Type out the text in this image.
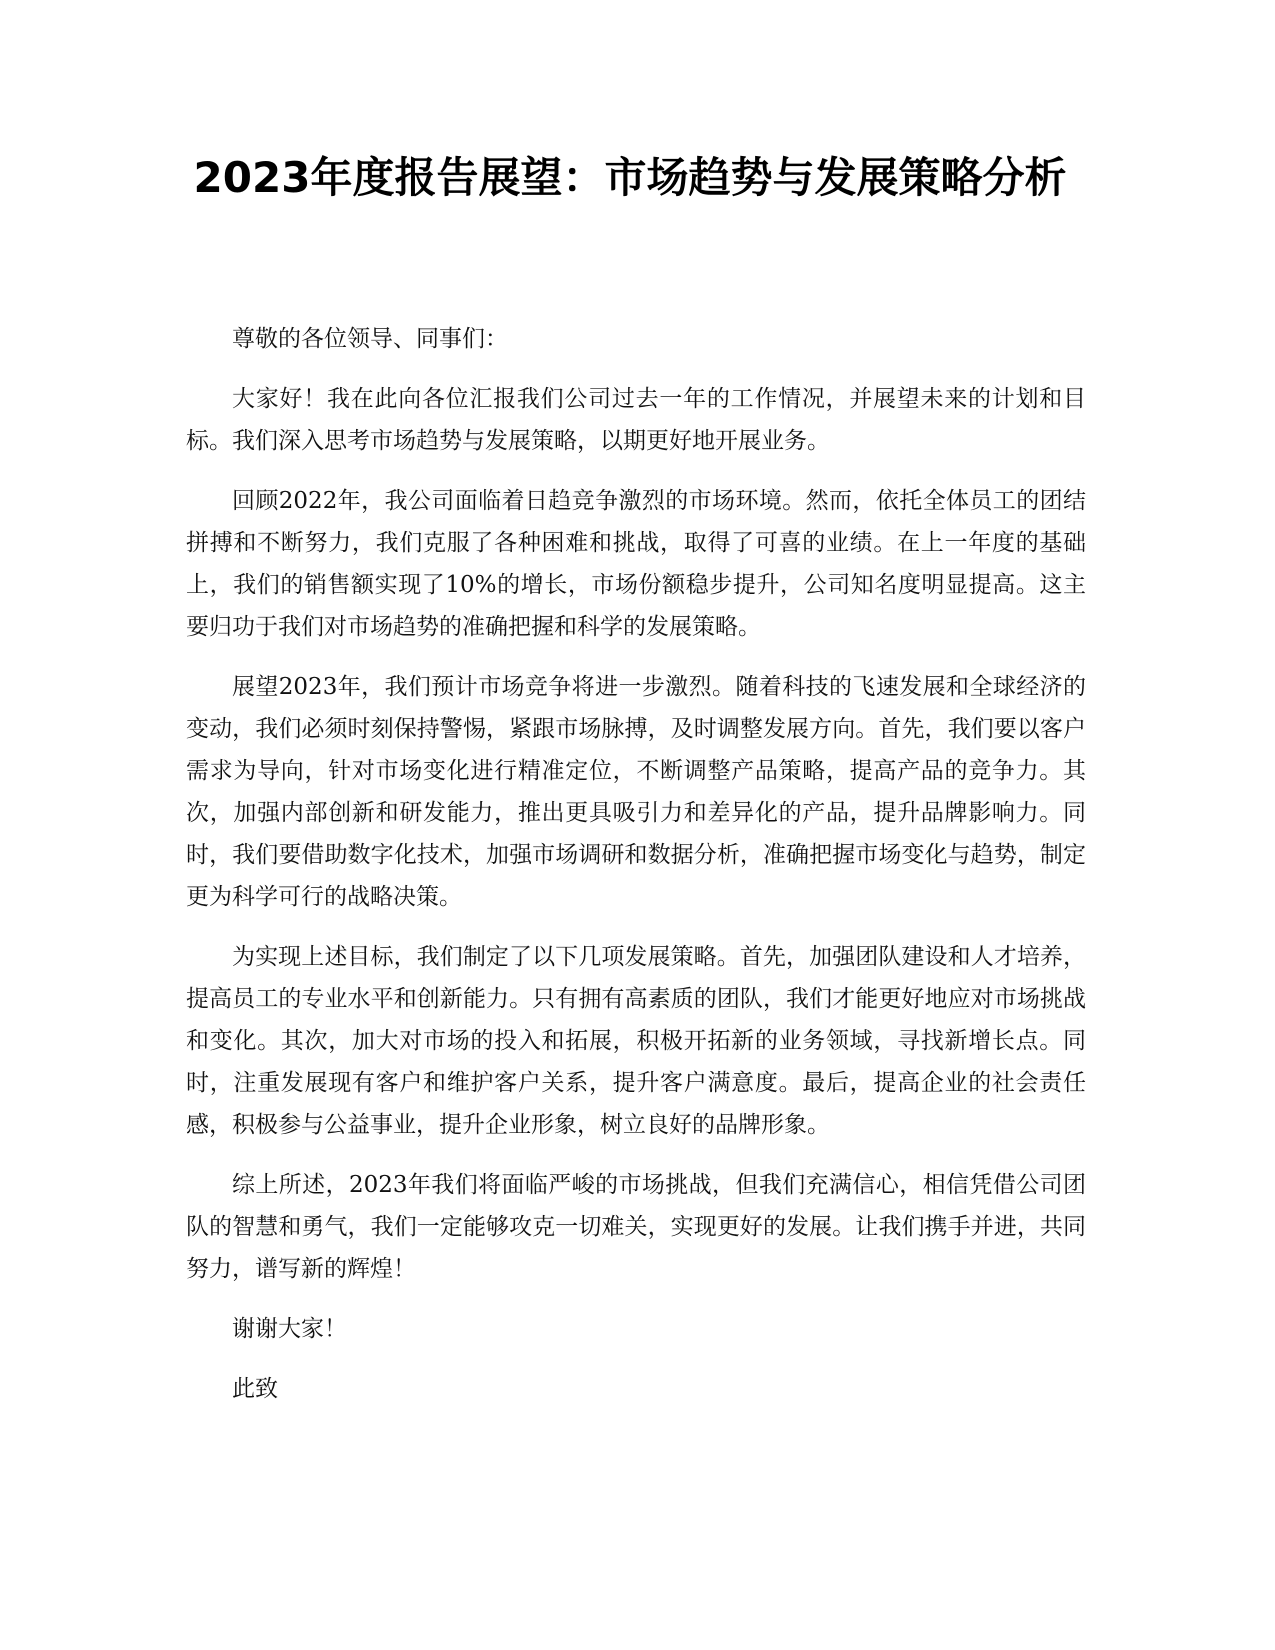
2023年度报告展望：市场趋势与发展策略分析

尊敬的各位领导、同事们：

大家好！我在此向各位汇报我们公司过去一年的工作情况，并展望未来的计划和目标。我们深入思考市场趋势与发展策略，以期更好地开展业务。

回顾2022年，我公司面临着日趋竞争激烈的市场环境。然而，依托全体员工的团结拼搏和不断努力，我们克服了各种困难和挑战，取得了可喜的业绩。在上一年度的基础上，我们的销售额实现了10%的增长，市场份额稳步提升，公司知名度明显提高。这主要归功于我们对市场趋势的准确把握和科学的发展策略。

展望2023年，我们预计市场竞争将进一步激烈。随着科技的飞速发展和全球经济的变动，我们必须时刻保持警惕，紧跟市场脉搏，及时调整发展方向。首先，我们要以客户需求为导向，针对市场变化进行精准定位，不断调整产品策略，提高产品的竞争力。其次，加强内部创新和研发能力，推出更具吸引力和差异化的产品，提升品牌影响力。同时，我们要借助数字化技术，加强市场调研和数据分析，准确把握市场变化与趋势，制定更为科学可行的战略决策。

为实现上述目标，我们制定了以下几项发展策略。首先，加强团队建设和人才培养，提高员工的专业水平和创新能力。只有拥有高素质的团队，我们才能更好地应对市场挑战和变化。其次，加大对市场的投入和拓展，积极开拓新的业务领域，寻找新增长点。同时，注重发展现有客户和维护客户关系，提升客户满意度。最后，提高企业的社会责任感，积极参与公益事业，提升企业形象，树立良好的品牌形象。

综上所述，2023年我们将面临严峻的市场挑战，但我们充满信心，相信凭借公司团队的智慧和勇气，我们一定能够攻克一切难关，实现更好的发展。让我们携手并进，共同努力，谱写新的辉煌！

谢谢大家！

此致
